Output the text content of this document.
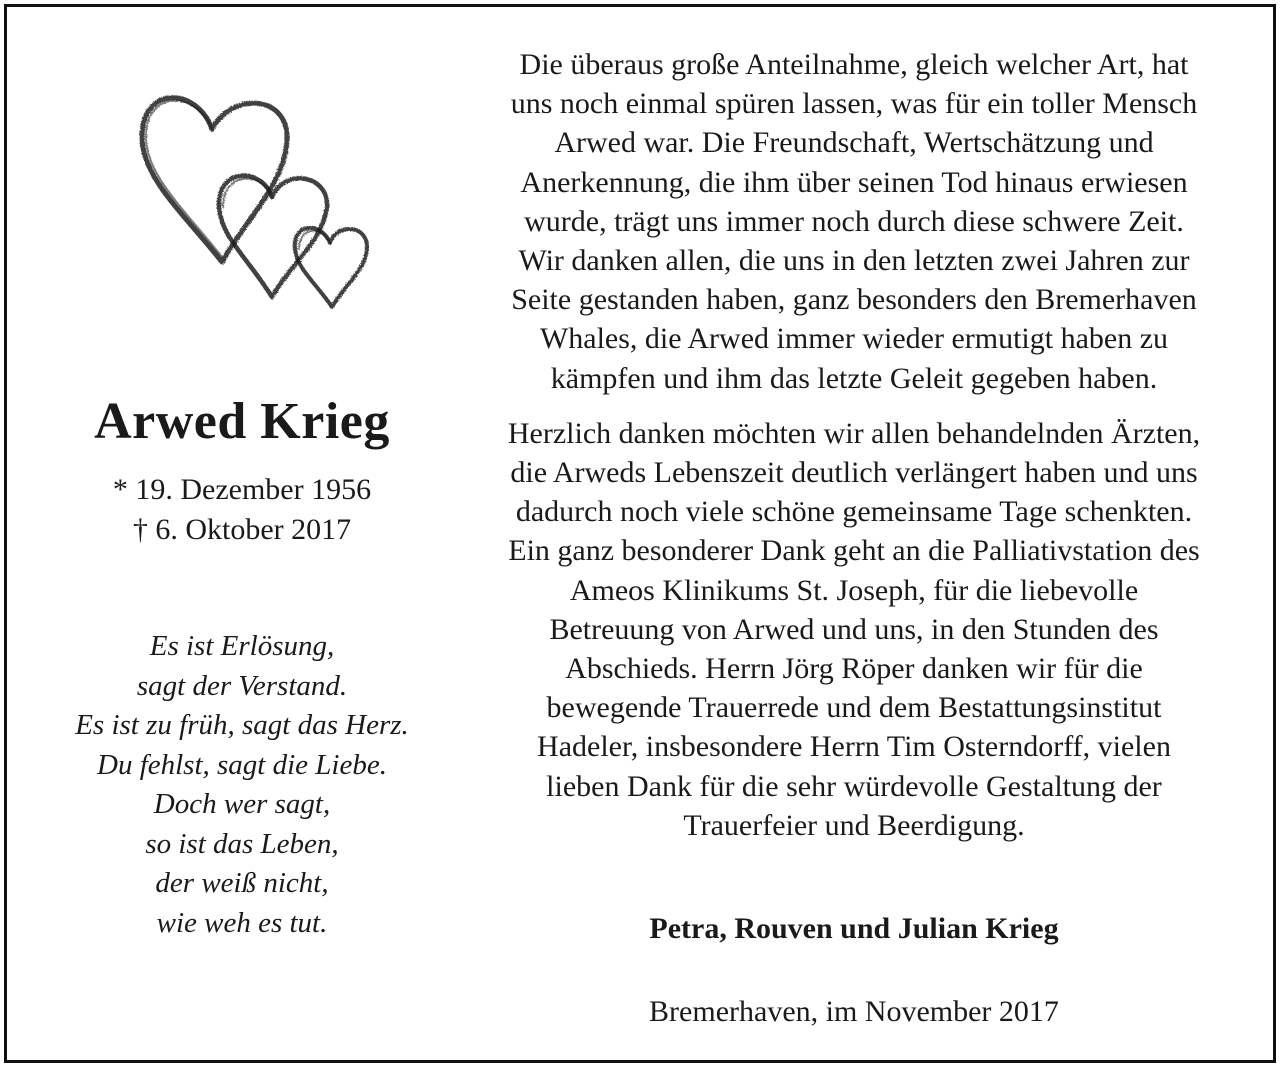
Arwed Krieg
* 19. Dezember 1956
† 6. Oktober 2017
Es ist Erlösung,
sagt der Verstand.
Es ist zu früh, sagt das Herz.
Du fehlst, sagt die Liebe.
Doch wer sagt,
so ist das Leben,
der weiß nicht,
wie weh es tut.
Die überaus große Anteilnahme, gleich welcher Art, hat
uns noch einmal spüren lassen, was für ein toller Mensch
Arwed war. Die Freundschaft, Wertschätzung und
Anerkennung, die ihm über seinen Tod hinaus erwiesen
wurde, trägt uns immer noch durch diese schwere Zeit.
Wir danken allen, die uns in den letzten zwei Jahren zur
Seite gestanden haben, ganz besonders den Bremerhaven
Whales, die Arwed immer wieder ermutigt haben zu
kämpfen und ihm das letzte Geleit gegeben haben.
Herzlich danken möchten wir allen behandelnden Ärzten,
die Arweds Lebenszeit deutlich verlängert haben und uns
dadurch noch viele schöne gemeinsame Tage schenkten.
Ein ganz besonderer Dank geht an die Palliativstation des
Ameos Klinikums St. Joseph, für die liebevolle
Betreuung von Arwed und uns, in den Stunden des
Abschieds. Herrn Jörg Röper danken wir für die
bewegende Trauerrede und dem Bestattungsinstitut
Hadeler, insbesondere Herrn Tim Osterndorff, vielen
lieben Dank für die sehr würdevolle Gestaltung der
Trauerfeier und Beerdigung.
Petra, Rouven und Julian Krieg
Bremerhaven, im November 2017
